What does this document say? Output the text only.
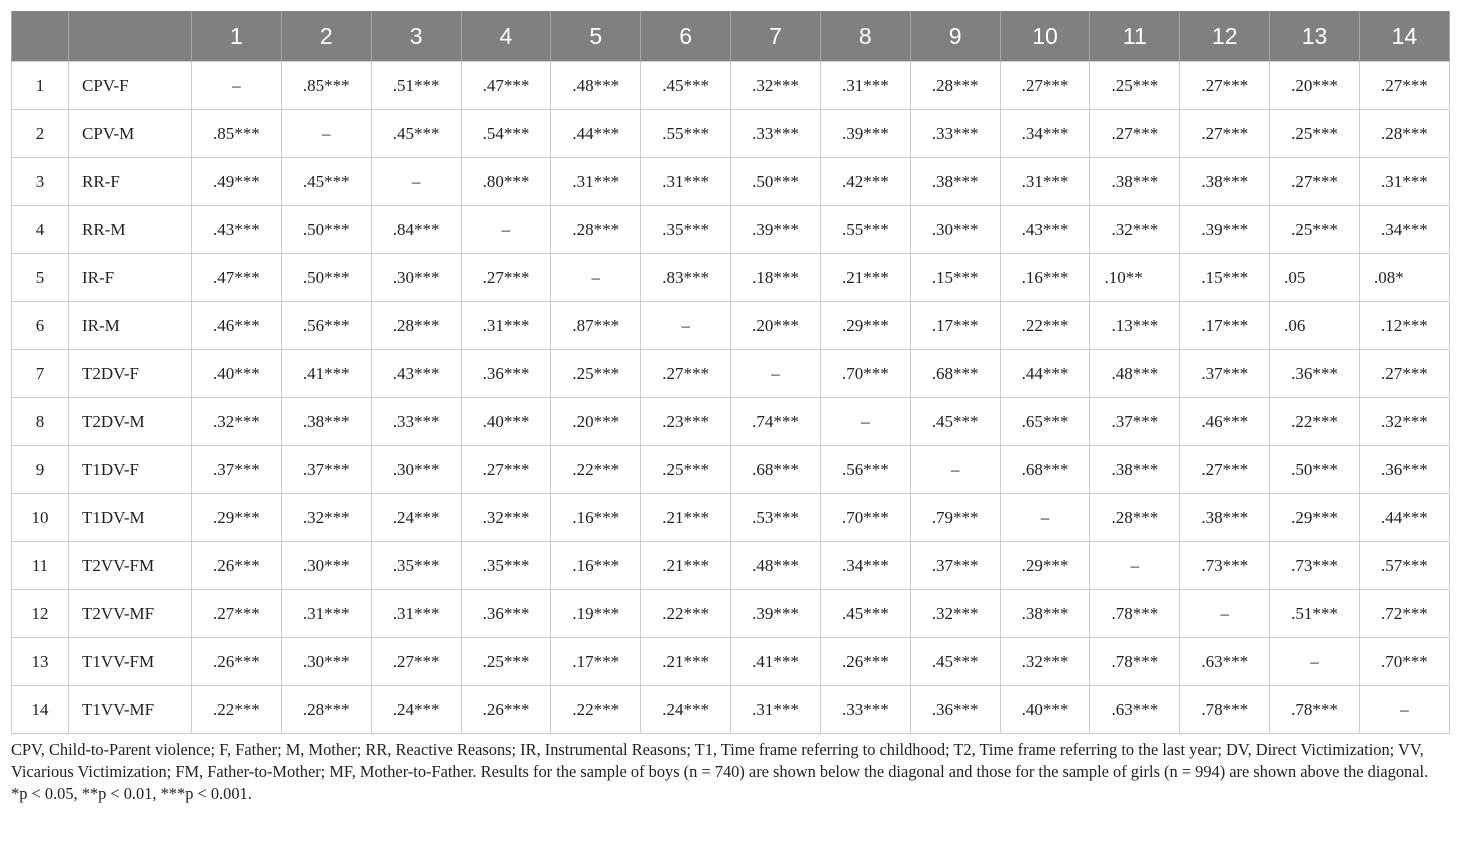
		1	2	3	4	5	6	7	8	9	10	11	12	13	14
1	CPV-F	–	.85***	.51***	.47***	.48***	.45***	.32***	.31***	.28***	.27***	.25***	.27***	.20***	.27***
2	CPV-M	.85***	–	.45***	.54***	.44***	.55***	.33***	.39***	.33***	.34***	.27***	.27***	.25***	.28***
3	RR-F	.49***	.45***	–	.80***	.31***	.31***	.50***	.42***	.38***	.31***	.38***	.38***	.27***	.31***
4	RR-M	.43***	.50***	.84***	–	.28***	.35***	.39***	.55***	.30***	.43***	.32***	.39***	.25***	.34***
5	IR-F	.47***	.50***	.30***	.27***	–	.83***	.18***	.21***	.15***	.16***	.10**	.15***	.05	.08*
6	IR-M	.46***	.56***	.28***	.31***	.87***	–	.20***	.29***	.17***	.22***	.13***	.17***	.06	.12***
7	T2DV-F	.40***	.41***	.43***	.36***	.25***	.27***	–	.70***	.68***	.44***	.48***	.37***	.36***	.27***
8	T2DV-M	.32***	.38***	.33***	.40***	.20***	.23***	.74***	–	.45***	.65***	.37***	.46***	.22***	.32***
9	T1DV-F	.37***	.37***	.30***	.27***	.22***	.25***	.68***	.56***	–	.68***	.38***	.27***	.50***	.36***
10	T1DV-M	.29***	.32***	.24***	.32***	.16***	.21***	.53***	.70***	.79***	–	.28***	.38***	.29***	.44***
11	T2VV-FM	.26***	.30***	.35***	.35***	.16***	.21***	.48***	.34***	.37***	.29***	–	.73***	.73***	.57***
12	T2VV-MF	.27***	.31***	.31***	.36***	.19***	.22***	.39***	.45***	.32***	.38***	.78***	–	.51***	.72***
13	T1VV-FM	.26***	.30***	.27***	.25***	.17***	.21***	.41***	.26***	.45***	.32***	.78***	.63***	–	.70***
14	T1VV-MF	.22***	.28***	.24***	.26***	.22***	.24***	.31***	.33***	.36***	.40***	.63***	.78***	.78***	–

CPV, Child-to-Parent violence; F, Father; M, Mother; RR, Reactive Reasons; IR, Instrumental Reasons; T1, Time frame referring to childhood; T2, Time frame referring to the last year; DV, Direct Victimization; VV, Vicarious Victimization; FM, Father-to-Mother; MF, Mother-to-Father. Results for the sample of boys (n = 740) are shown below the diagonal and those for the sample of girls (n = 994) are shown above the diagonal.

*p < 0.05, **p < 0.01, ***p < 0.001.
